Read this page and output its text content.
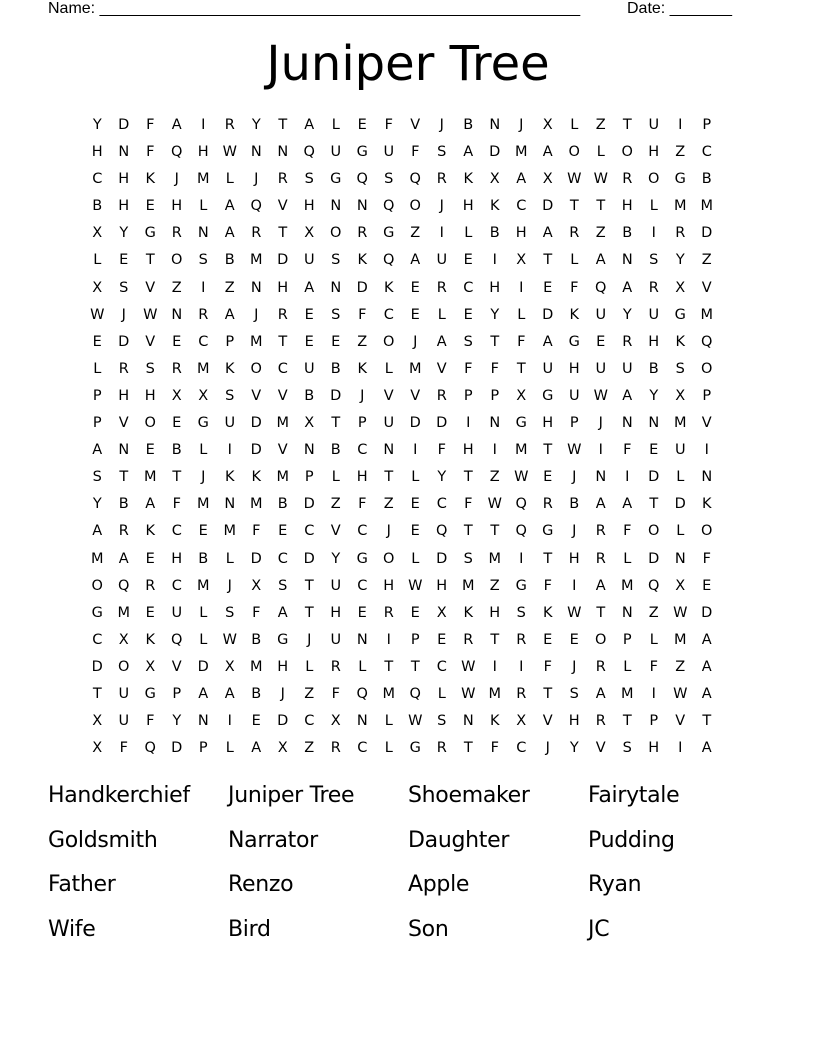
Name: ______________________________________________________	Date: _______
Juniper Tree
Y	D	F	A	I	R	Y	T	A	L	E	F	V	J	B	N	J	X	L	Z	T	U	I	P
H	N	F	Q	H W N	N	Q	U	G	U	F	S	A	D	M	A	O	L	O	H	Z	C
C	H	K	J	M	L	J	R	S	G	Q	S	Q	R	K	X	A	X W W R	O	G	B
B	H	E	H	L	A	Q	V	H	N	N	Q	O	J	H	K	C	D	T	T	H	L	M M
X	Y	G	R	N	A	R	T	X	O	R	G	Z	I	L	B	H	A	R	Z	B	I	R	D
L	E	T	O	S	B	M	D	U	S	K	Q	A	U	E	I	X	T	L	A	N	S	Y	Z
X	S	V	Z	I	Z	N	H	A	N	D	K	E	R	C	H	I	E	F	Q	A	R	X	V
W	J	W N	R	A	J	R	E	S	F	C	E	L	E	Y	L	D	K	U	Y	U	G	M
E	D	V	E	C	P	M	T	E	E	Z	O	J	A	S	T	F	A	G	E	R	H	K	Q
L	R	S	R	M	K	O	C	U	B	K	L	M	V	F	F	T	U	H	U	U	B	S	O
P	H	H	X	X	S	V	V	B	D	J	V	V	R	P	P	X	G	U W A	Y	X	P
P	V	O	E	G	U	D	M	X	T	P	U	D	D	I	N	G	H	P	J	N	N	M	V
A	N	E	B	L	I	D	V	N	B	C	N	I	F	H	I	M	T	W	I	F	E	U	I
S	T	M	T	J	K	K	M	P	L	H	T	L	Y	T	Z W	E	J	N	I	D	L	N
Y	B	A	F	M	N	M	B	D	Z	F	Z	E	C	F	W Q	R	B	A	A	T	D	K
A	R	K	C	E	M	F	E	C	V	C	J	E	Q	T	T	Q	G	J	R	F	O	L	O
M	A	E	H	B	L	D	C	D	Y	G	O	L	D	S	M	I	T	H	R	L	D	N	F
O	Q	R	C	M	J	X	S	T	U	C	H W H	M	Z	G	F	I	A	M	Q	X	E
G	M	E	U	L	S	F	A	T	H	E	R	E	X	K	H	S	K	W	T	N	Z W D
C	X	K	Q	L	W B	G	J	U	N	I	P	E	R	T	R	E	E	O	P	L	M	A
D	O	X	V	D	X	M	H	L	R	L	T	T	C W	I	I	F	J	R	L	F	Z	A
T	U	G	P	A	A	B	J	Z	F	Q	M	Q	L	W M	R	T	S	A	M	I	W A
X	U	F	Y	N	I	E	D	C	X	N	L	W	S	N	K	X	V	H	R	T	P	V	T
X	F	Q	D	P	L	A	X	Z	R	C	L	G	R	T	F	C	J	Y	V	S	H	I	A
Handkerchief	Juniper Tree	Shoemaker	Fairytale
Goldsmith	Narrator	Daughter	Pudding
Father	Renzo	Apple	Ryan
Wife	Bird	Son	JC
